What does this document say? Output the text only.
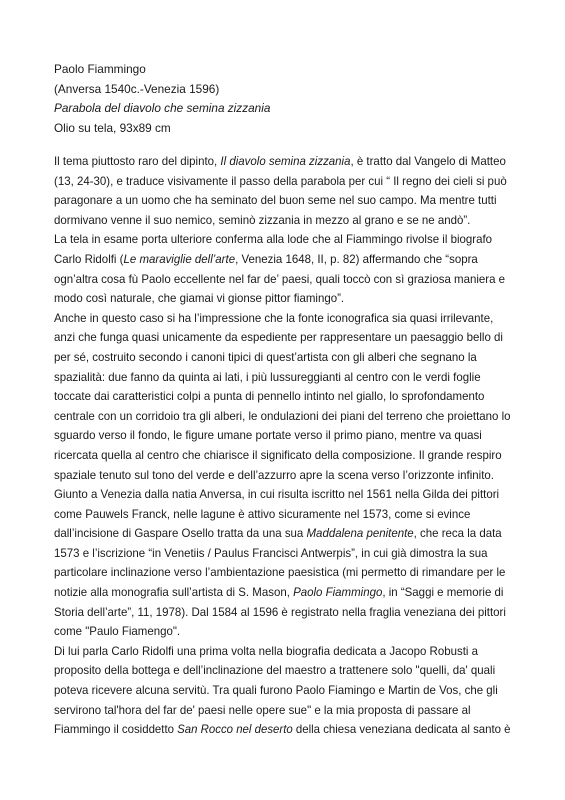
Paolo Fiammingo
(Anversa 1540c.-Venezia 1596)
Parabola del diavolo che semina zizzania
Olio su tela, 93x89 cm
Il tema piuttosto raro del dipinto, Il diavolo semina zizzania, è tratto dal Vangelo di Matteo
(13, 24-30), e traduce visivamente il passo della parabola per cui “ Il regno dei cieli si può
paragonare a un uomo che ha seminato del buon seme nel suo campo. Ma mentre tutti
dormivano venne il suo nemico, seminò zizzania in mezzo al grano e se ne andò”.
La tela in esame porta ulteriore conferma alla lode che al Fiammingo rivolse il biografo
Carlo Ridolfi (Le maraviglie dell’arte, Venezia 1648, II, p. 82) affermando che “sopra
ogn’altra cosa fù Paolo eccellente nel far de’ paesi, quali toccò con sì graziosa maniera e
modo così naturale, che giamai vi gionse pittor fiamingo”.
Anche in questo caso si ha l’impressione che la fonte iconografica sia quasi irrilevante,
anzi che funga quasi unicamente da espediente per rappresentare un paesaggio bello di
per sé, costruito secondo i canoni tipici di quest’artista con gli alberi che segnano la
spazialità: due fanno da quinta ai lati, i più lussureggianti al centro con le verdi foglie
toccate dai caratteristici colpi a punta di pennello intinto nel giallo, lo sprofondamento
centrale con un corridoio tra gli alberi, le ondulazioni dei piani del terreno che proiettano lo
sguardo verso il fondo, le figure umane portate verso il primo piano, mentre va quasi
ricercata quella al centro che chiarisce il significato della composizione. Il grande respiro
spaziale tenuto sul tono del verde e dell’azzurro apre la scena verso l’orizzonte infinito.
Giunto a Venezia dalla natia Anversa, in cui risulta iscritto nel 1561 nella Gilda dei pittori
come Pauwels Franck, nelle lagune è attivo sicuramente nel 1573, come si evince
dall’incisione di Gaspare Osello tratta da una sua Maddalena penitente, che reca la data
1573 e l’iscrizione “in Venetiis / Paulus Francisci Antwerpis”, in cui già dimostra la sua
particolare inclinazione verso l’ambientazione paesistica (mi permetto di rimandare per le
notizie alla monografia sull’artista di S. Mason, Paolo Fiammingo, in “Saggi e memorie di
Storia dell’arte”, 11, 1978). Dal 1584 al 1596 è registrato nella fraglia veneziana dei pittori
come "Paulo Fiamengo".
Di lui parla Carlo Ridolfi una prima volta nella biografia dedicata a Jacopo Robusti a
proposito della bottega e dell’inclinazione del maestro a trattenere solo "quelli, da' quali
poteva ricevere alcuna servitù. Tra quali furono Paolo Fiamingo e Martin de Vos, che gli
servirono tal'hora del far de' paesi nelle opere sue" e la mia proposta di passare al
Fiammingo il cosiddetto San Rocco nel deserto della chiesa veneziana dedicata al santo è
